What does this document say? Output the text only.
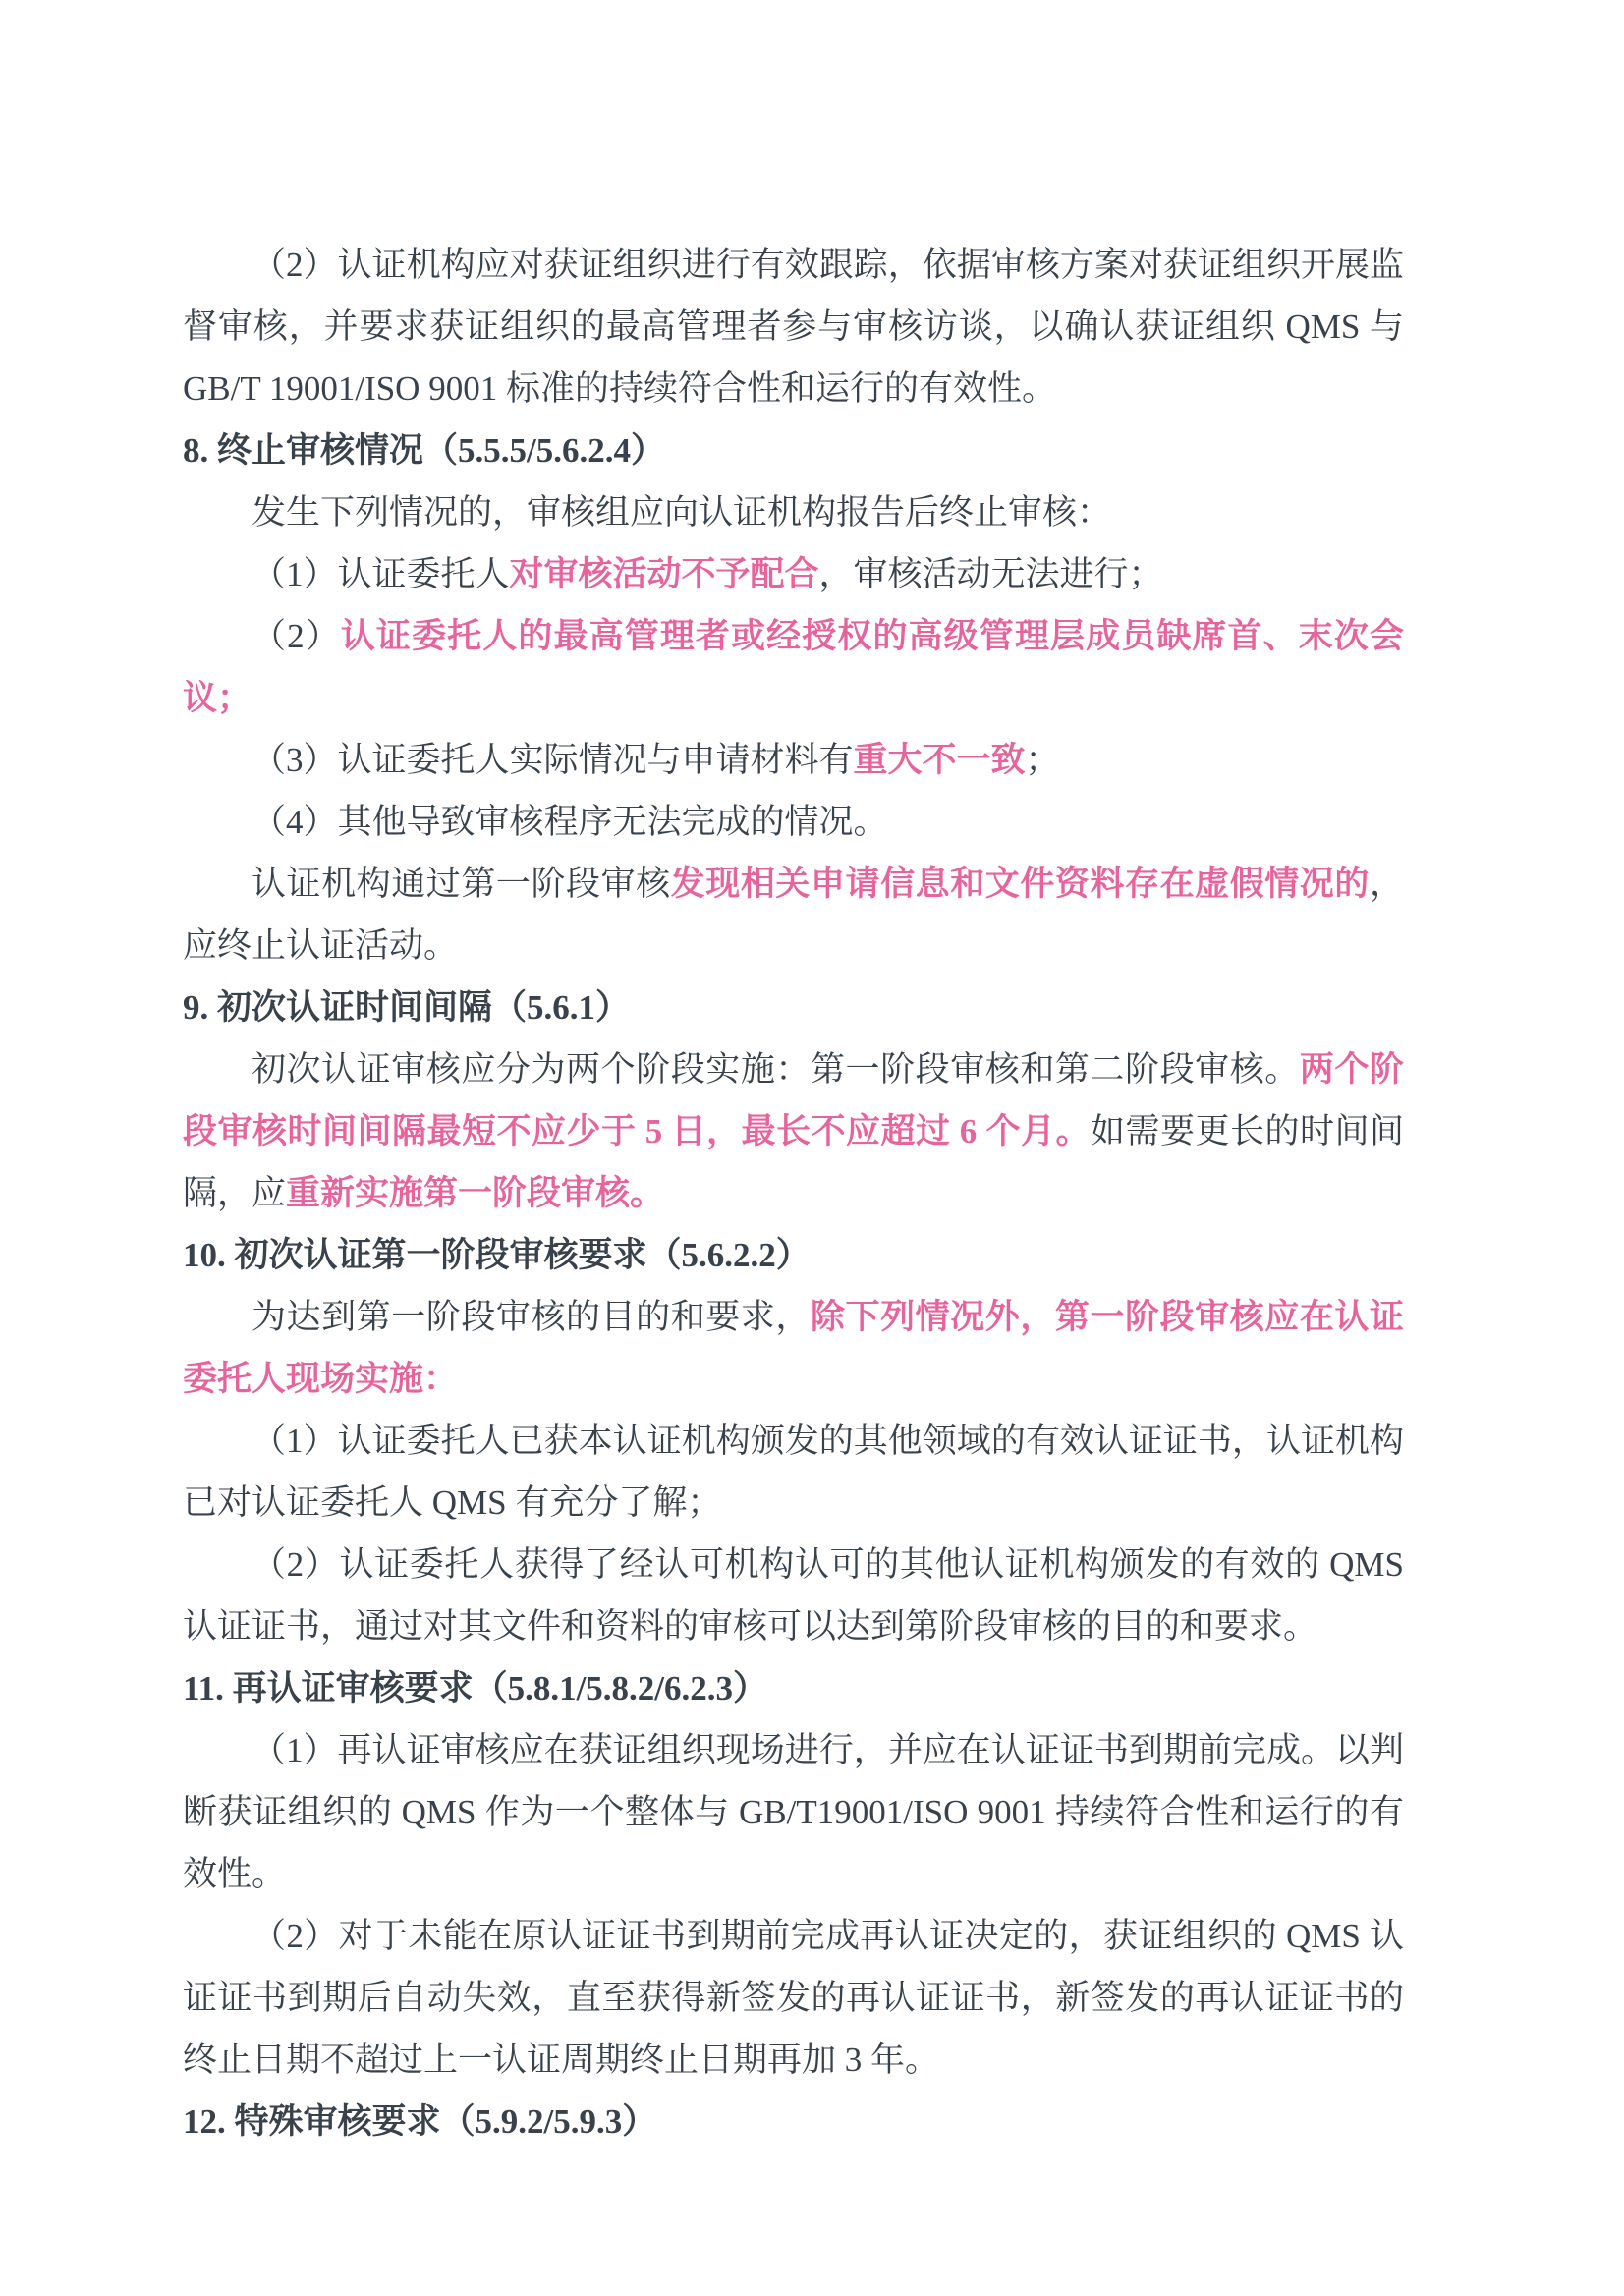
（2）认证机构应对获证组织进行有效跟踪，依据审核方案对获证组织开展监督审核，并要求获证组织的最高管理者参与审核访谈，以确认获证组织 QMS 与 GB/T 19001/ISO 9001 标准的持续符合性和运行的有效性。

8. 终止审核情况（5.5.5/5.6.2.4）

发生下列情况的，审核组应向认证机构报告后终止审核：

（1）认证委托人对审核活动不予配合，审核活动无法进行；

（2）认证委托人的最高管理者或经授权的高级管理层成员缺席首、末次会议；

（3）认证委托人实际情况与申请材料有重大不一致；

（4）其他导致审核程序无法完成的情况。

认证机构通过第一阶段审核发现相关申请信息和文件资料存在虚假情况的，应终止认证活动。

9. 初次认证时间间隔（5.6.1）

初次认证审核应分为两个阶段实施：第一阶段审核和第二阶段审核。两个阶段审核时间间隔最短不应少于 5 日，最长不应超过 6 个月。如需要更长的时间间隔，应重新实施第一阶段审核。

10. 初次认证第一阶段审核要求（5.6.2.2）

为达到第一阶段审核的目的和要求，除下列情况外，第一阶段审核应在认证委托人现场实施：

（1）认证委托人已获本认证机构颁发的其他领域的有效认证证书，认证机构已对认证委托人 QMS 有充分了解；

（2）认证委托人获得了经认可机构认可的其他认证机构颁发的有效的 QMS 认证证书，通过对其文件和资料的审核可以达到第阶段审核的目的和要求。

11. 再认证审核要求（5.8.1/5.8.2/6.2.3）

（1）再认证审核应在获证组织现场进行，并应在认证证书到期前完成。以判断获证组织的 QMS 作为一个整体与 GB/T19001/ISO 9001 持续符合性和运行的有效性。

（2）对于未能在原认证证书到期前完成再认证决定的，获证组织的 QMS 认证证书到期后自动失效，直至获得新签发的再认证证书，新签发的再认证证书的终止日期不超过上一认证周期终止日期再加 3 年。

12. 特殊审核要求（5.9.2/5.9.3）
